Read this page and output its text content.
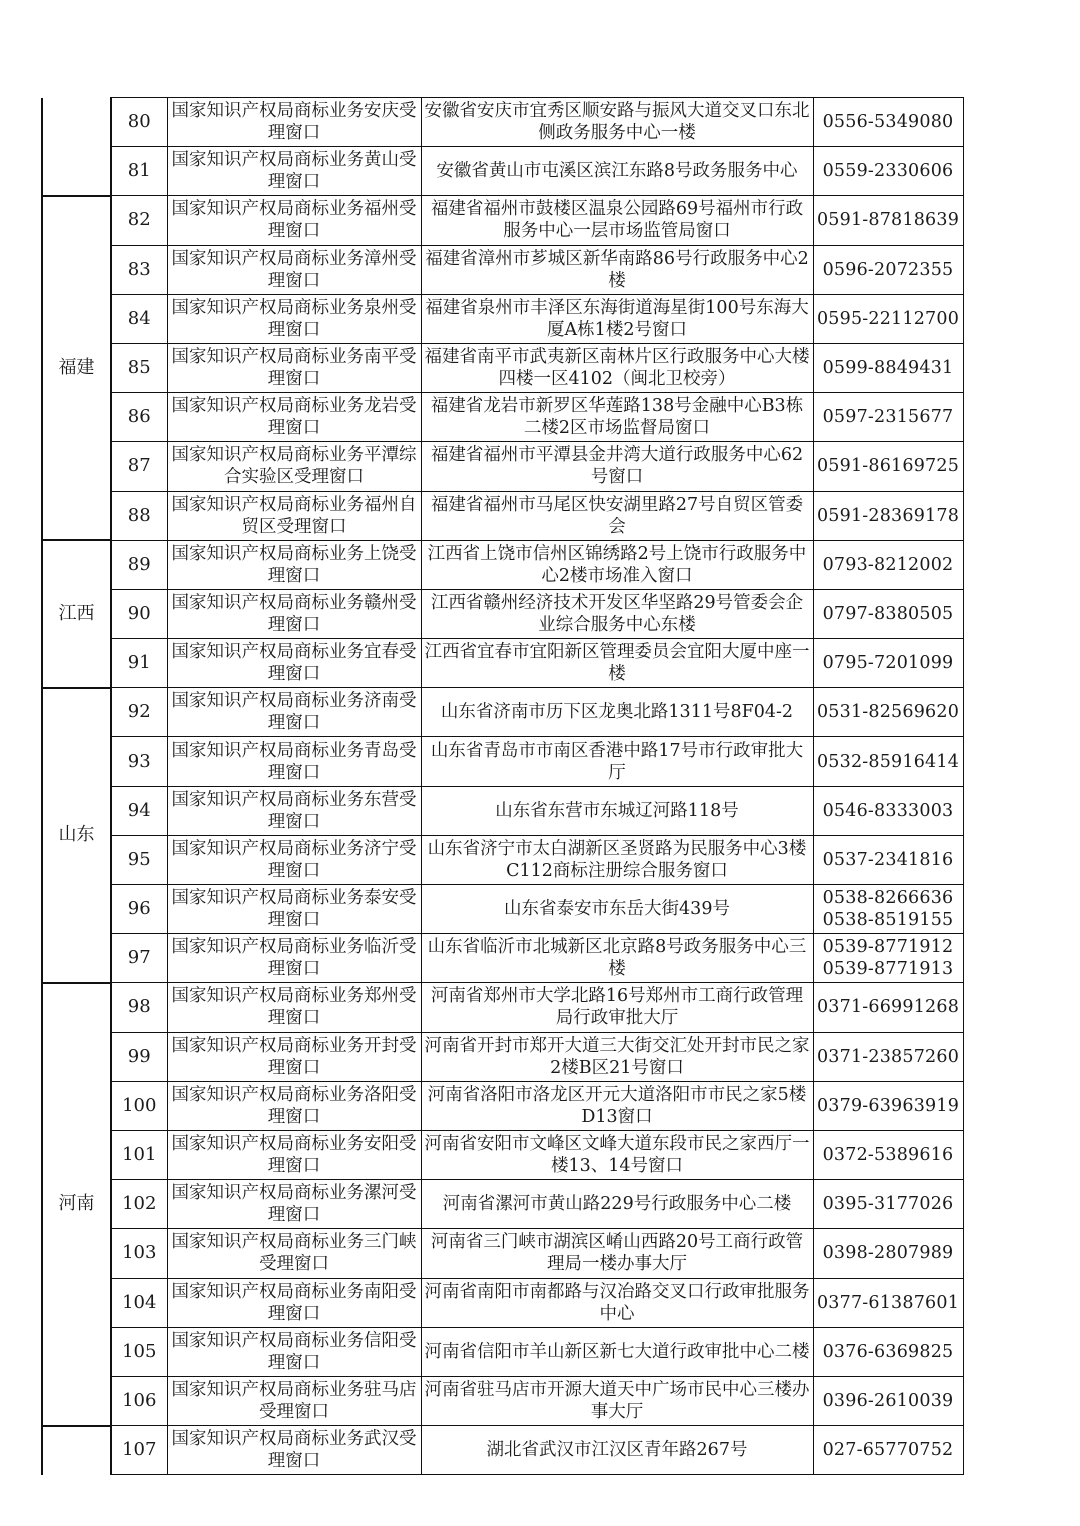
	80	国家知识产权局商标业务安庆受理窗口	安徽省安庆市宜秀区顺安路与振风大道交叉口东北侧政务服务中心一楼	0556-5349080

	81	国家知识产权局商标业务黄山受理窗口	安徽省黄山市屯溪区滨江东路8号政务服务中心	0559-2330606

福建	82	国家知识产权局商标业务福州受理窗口	福建省福州市鼓楼区温泉公园路69号福州市行政服务中心一层市场监管局窗口	0591-87818639

	83	国家知识产权局商标业务漳州受理窗口	福建省漳州市芗城区新华南路86号行政服务中心2楼	0596-2072355

	84	国家知识产权局商标业务泉州受理窗口	福建省泉州市丰泽区东海街道海星街100号东海大厦A栋1楼2号窗口	0595-22112700

	85	国家知识产权局商标业务南平受理窗口	福建省南平市武夷新区南林片区行政服务中心大楼四楼一区4102（闽北卫校旁）	0599-8849431

	86	国家知识产权局商标业务龙岩受理窗口	福建省龙岩市新罗区华莲路138号金融中心B3栋二楼2区市场监督局窗口	0597-2315677

	87	国家知识产权局商标业务平潭综合实验区受理窗口	福建省福州市平潭县金井湾大道行政服务中心62号窗口	0591-86169725

	88	国家知识产权局商标业务福州自贸区受理窗口	福建省福州市马尾区快安湖里路27号自贸区管委会	0591-28369178

江西	89	国家知识产权局商标业务上饶受理窗口	江西省上饶市信州区锦绣路2号上饶市行政服务中心2楼市场准入窗口	0793-8212002

	90	国家知识产权局商标业务赣州受理窗口	江西省赣州经济技术开发区华坚路29号管委会企业综合服务中心东楼	0797-8380505

	91	国家知识产权局商标业务宜春受理窗口	江西省宜春市宜阳新区管理委员会宜阳大厦中座一楼	0795-7201099

山东	92	国家知识产权局商标业务济南受理窗口	山东省济南市历下区龙奥北路1311号8F04-2	0531-82569620

	93	国家知识产权局商标业务青岛受理窗口	山东省青岛市市南区香港中路17号市行政审批大厅	0532-85916414

	94	国家知识产权局商标业务东营受理窗口	山东省东营市东城辽河路118号	0546-8333003

	95	国家知识产权局商标业务济宁受理窗口	山东省济宁市太白湖新区圣贤路为民服务中心3楼C112商标注册综合服务窗口	0537-2341816

	96	国家知识产权局商标业务泰安受理窗口	山东省泰安市东岳大街439号	0538-8266636
0538-8519155

	97	国家知识产权局商标业务临沂受理窗口	山东省临沂市北城新区北京路8号政务服务中心三楼	0539-8771912
0539-8771913

河南	98	国家知识产权局商标业务郑州受理窗口	河南省郑州市大学北路16号郑州市工商行政管理局行政审批大厅	0371-66991268

	99	国家知识产权局商标业务开封受理窗口	河南省开封市郑开大道三大街交汇处开封市民之家2楼B区21号窗口	0371-23857260

	100	国家知识产权局商标业务洛阳受理窗口	河南省洛阳市洛龙区开元大道洛阳市市民之家5楼D13窗口	0379-63963919

	101	国家知识产权局商标业务安阳受理窗口	河南省安阳市文峰区文峰大道东段市民之家西厅一楼13、14号窗口	0372-5389616

	102	国家知识产权局商标业务漯河受理窗口	河南省漯河市黄山路229号行政服务中心二楼	0395-3177026

	103	国家知识产权局商标业务三门峡受理窗口	河南省三门峡市湖滨区崤山西路20号工商行政管理局一楼办事大厅	0398-2807989

	104	国家知识产权局商标业务南阳受理窗口	河南省南阳市南都路与汉冶路交叉口行政审批服务中心	0377-61387601

	105	国家知识产权局商标业务信阳受理窗口	河南省信阳市羊山新区新七大道行政审批中心二楼	0376-6369825

	106	国家知识产权局商标业务驻马店受理窗口	河南省驻马店市开源大道天中广场市民中心三楼办事大厅	0396-2610039

	107	国家知识产权局商标业务武汉受理窗口	湖北省武汉市江汉区青年路267号	027-65770752
